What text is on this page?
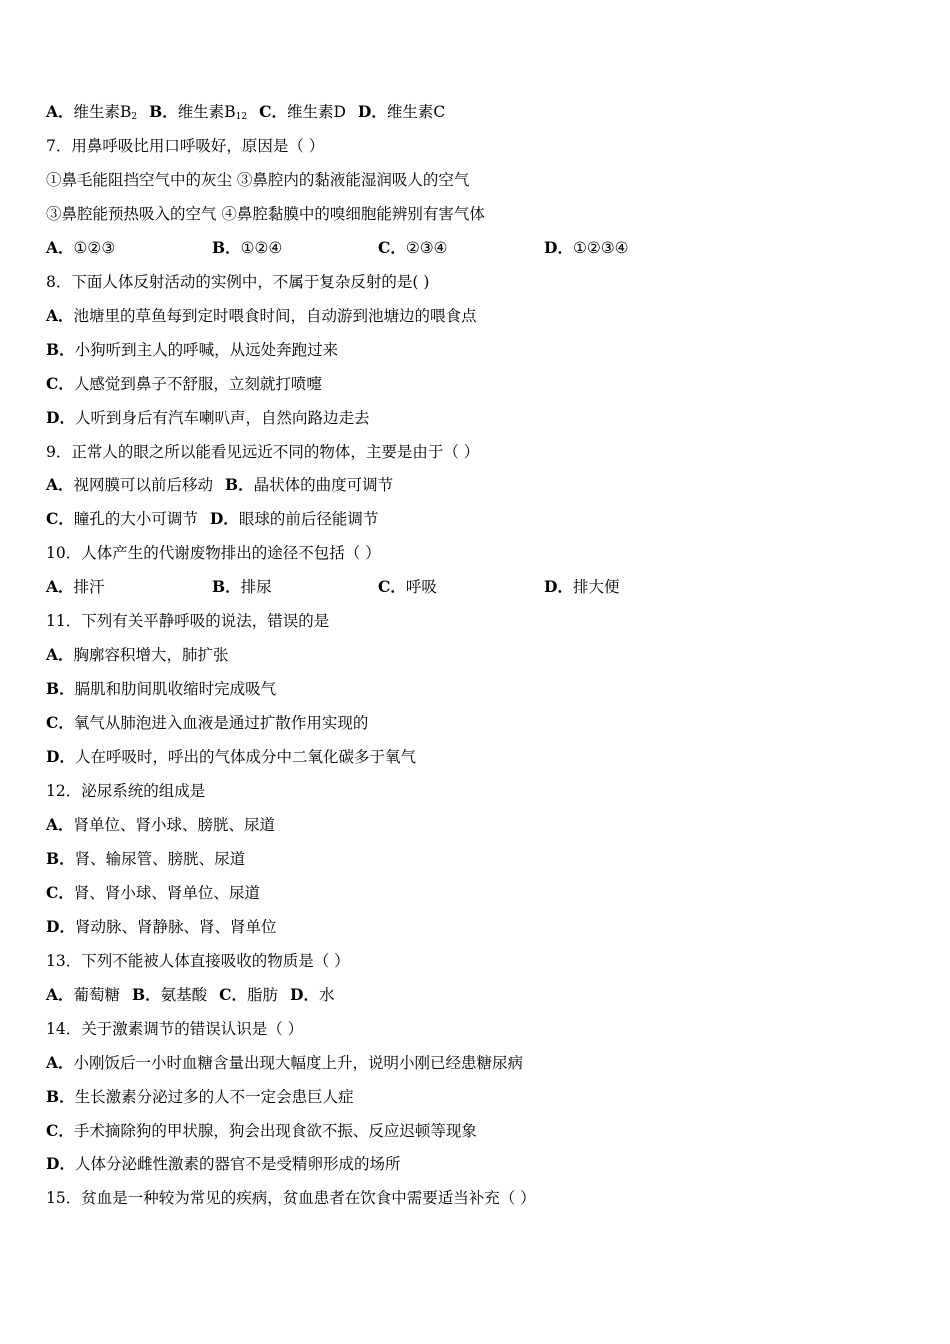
A．维生素$B_2$ B．维生素$B_{12}$ C．维生素D D．维生素C
7．用鼻呼吸比用口呼吸好，原因是（ ）
①鼻毛能阻挡空气中的灰尘 ③鼻腔内的黏液能湿润吸人的空气
③鼻腔能预热吸入的空气 ④鼻腔黏膜中的嗅细胞能辨别有害气体
A．①②③	B．①②④	C．②③④	D．①②③④
8．下面人体反射活动的实例中，不属于复杂反射的是( )
A．池塘里的草鱼每到定时喂食时间，自动游到池塘边的喂食点
B．小狗听到主人的呼喊，从远处奔跑过来
C．人感觉到鼻子不舒服，立刻就打喷嚏
D．人听到身后有汽车喇叭声，自然向路边走去
9．正常人的眼之所以能看见远近不同的物体，主要是由于（ ）
A．视网膜可以前后移动 B．晶状体的曲度可调节
C．瞳孔的大小可调节 D．眼球的前后径能调节
10．人体产生的代谢废物排出的途径不包括（ ）
A．排汗	B．排尿	C．呼吸	D．排大便
11．下列有关平静呼吸的说法，错误的是
A．胸廓容积增大，肺扩张
B．膈肌和肋间肌收缩时完成吸气
C．氧气从肺泡进入血液是通过扩散作用实现的
D．人在呼吸时，呼出的气体成分中二氧化碳多于氧气
12．泌尿系统的组成是
A．肾单位、肾小球、膀胱、尿道
B．肾、输尿管、膀胱、尿道
C．肾、肾小球、肾单位、尿道
D．肾动脉、肾静脉、肾、肾单位
13．下列不能被人体直接吸收的物质是（ ）
A．葡萄糖 B．氨基酸 C．脂肪 D．水
14．关于激素调节的错误认识是（ ）
A．小刚饭后一小时血糖含量出现大幅度上升，说明小刚已经患糖尿病
B．生长激素分泌过多的人不一定会患巨人症
C．手术摘除狗的甲状腺，狗会出现食欲不振、反应迟顿等现象
D．人体分泌雌性激素的器官不是受精卵形成的场所
15．贫血是一种较为常见的疾病，贫血患者在饮食中需要适当补充（ ）
